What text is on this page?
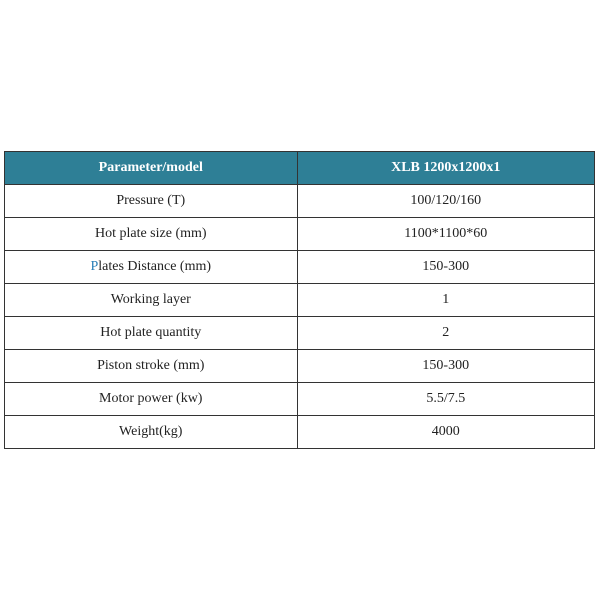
Parameter/model	XLB 1200x1200x1
Pressure (T)	100/120/160
Hot plate size (mm)	1100*1100*60
Plates Distance (mm)	150-300
Working layer	1
Hot plate quantity	2
Piston stroke (mm)	150-300
Motor power (kw)	5.5/7.5
Weight(kg)	4000
